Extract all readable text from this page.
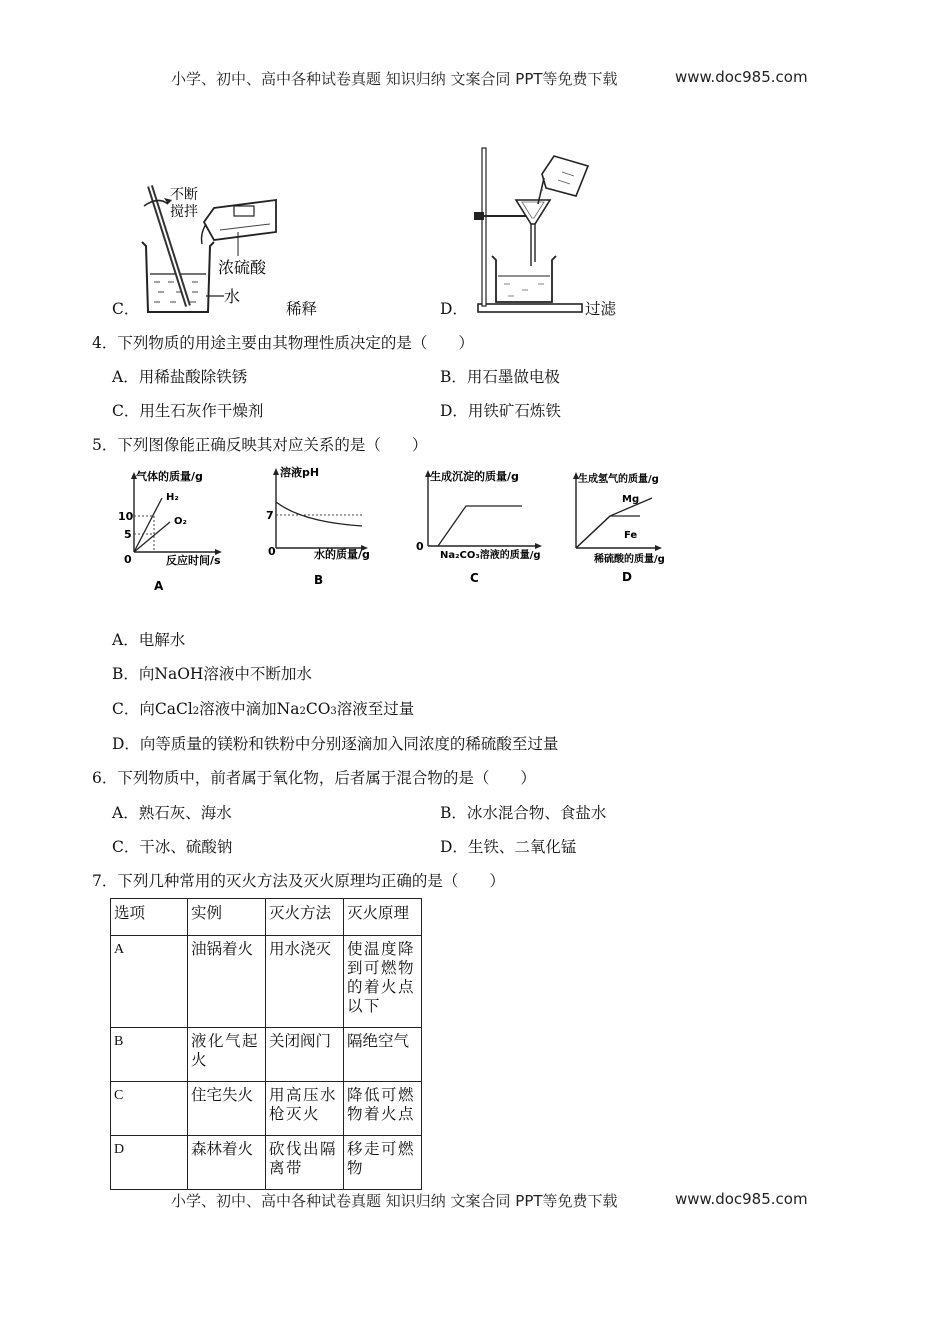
小学、初中、高中各种试卷真题 知识归纳 文案合同 PPT等免费下载	www.doc985.com
C．
不断
搅拌
浓硫酸
水
稀释	D．	过滤
4．下列物质的用途主要由其物理性质决定的是（　　）
A．用稀盐酸除铁锈	B．用石墨做电极
C．用生石灰作干燥剂	D．用铁矿石炼铁
5．下列图像能正确反映其对应关系的是（　　）
气体的质量/g
H₂
O₂
10
5
0	反应时间/s
A
溶液pH
7
0	水的质量/g
B
生成沉淀的质量/g
0
Na₂CO₃溶液的质量/g
C
生成氢气的质量/g
Mg
Fe
稀硫酸的质量/g
D
A．电解水
B．向NaOH溶液中不断加水
C．向CaCl2溶液中滴加Na2CO3溶液至过量
D．向等质量的镁粉和铁粉中分别逐滴加入同浓度的稀硫酸至过量
6．下列物质中，前者属于氧化物，后者属于混合物的是（　　）
A．熟石灰、海水	B．冰水混合物、食盐水
C．干冰、硫酸钠	D．生铁、二氧化锰
7．下列几种常用的灭火方法及灭火原理均正确的是（　　）
选项	实例	灭火方法	灭火原理
A	油锅着火	用水浇灭	使温度降到可燃物的着火点以下
B	液化气起火	关闭阀门	隔绝空气
C	住宅失火	用高压水枪灭火	降低可燃物着火点
D	森林着火	砍伐出隔离带	移走可燃物
小学、初中、高中各种试卷真题 知识归纳 文案合同 PPT等免费下载	www.doc985.com
